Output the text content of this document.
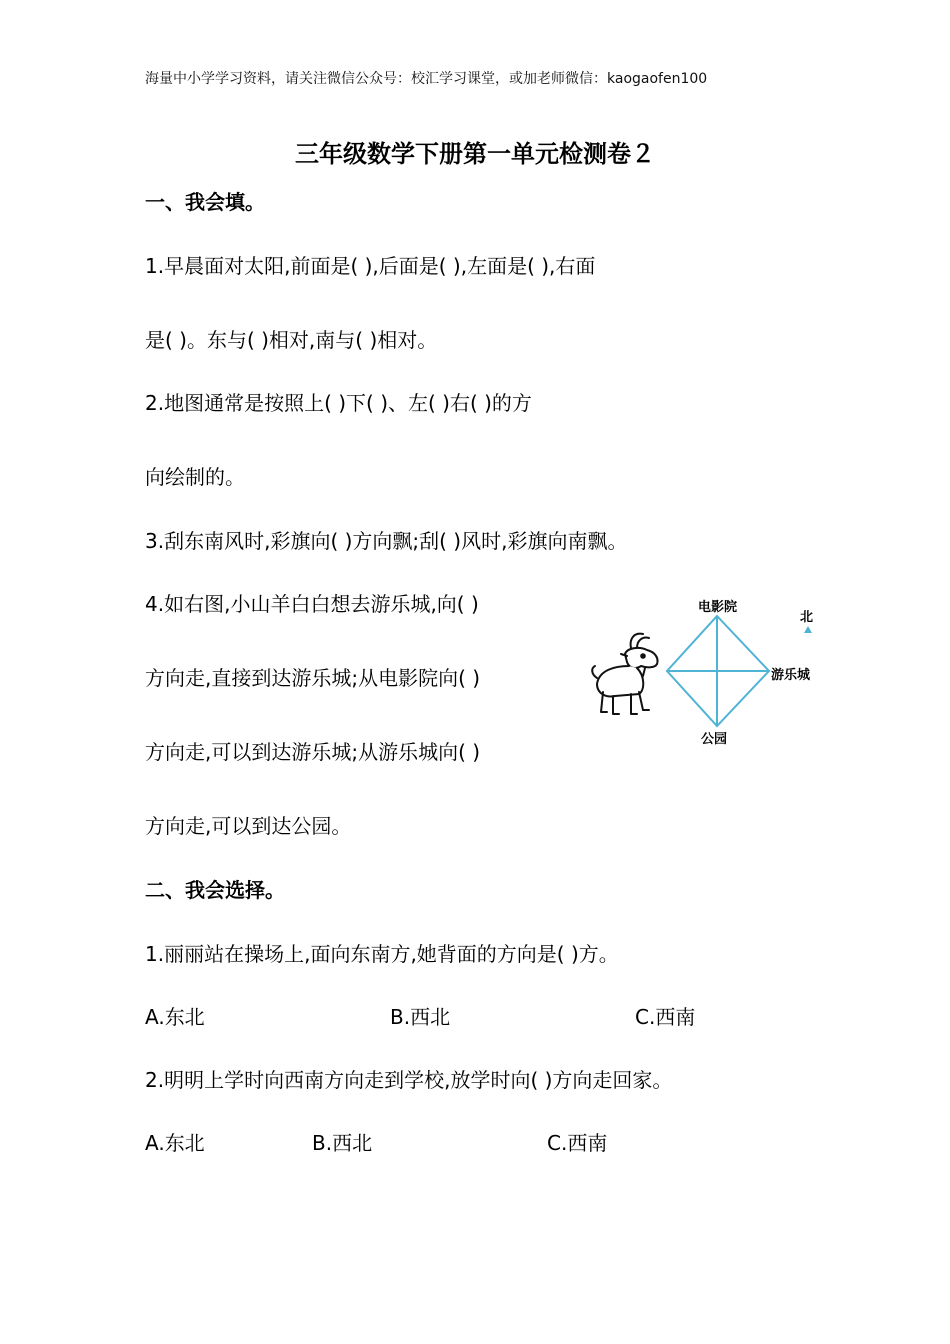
海量中小学学习资料，请关注微信公众号：校汇学习课堂，或加老师微信：kaogaofen100
三年级数学下册第一单元检测卷２
一、我会填。
1.早晨面对太阳,前面是( ),后面是( ),左面是( ),右面
是( )。东与( )相对,南与( )相对。
2.地图通常是按照上( )下( )、左( )右( )的方
向绘制的。
3.刮东南风时,彩旗向( )方向飘;刮( )风时,彩旗向南飘。
4.如右图,小山羊白白想去游乐城,向( )
方向走,直接到达游乐城;从电影院向( )
方向走,可以到达游乐城;从游乐城向( )
方向走,可以到达公园。
电影院
游乐城
公园
北
二、我会选择。
1.丽丽站在操场上,面向东南方,她背面的方向是( )方。
A.东北	B.西北	C.西南
2.明明上学时向西南方向走到学校,放学时向( )方向走回家。
A.东北	B.西北	C.西南
